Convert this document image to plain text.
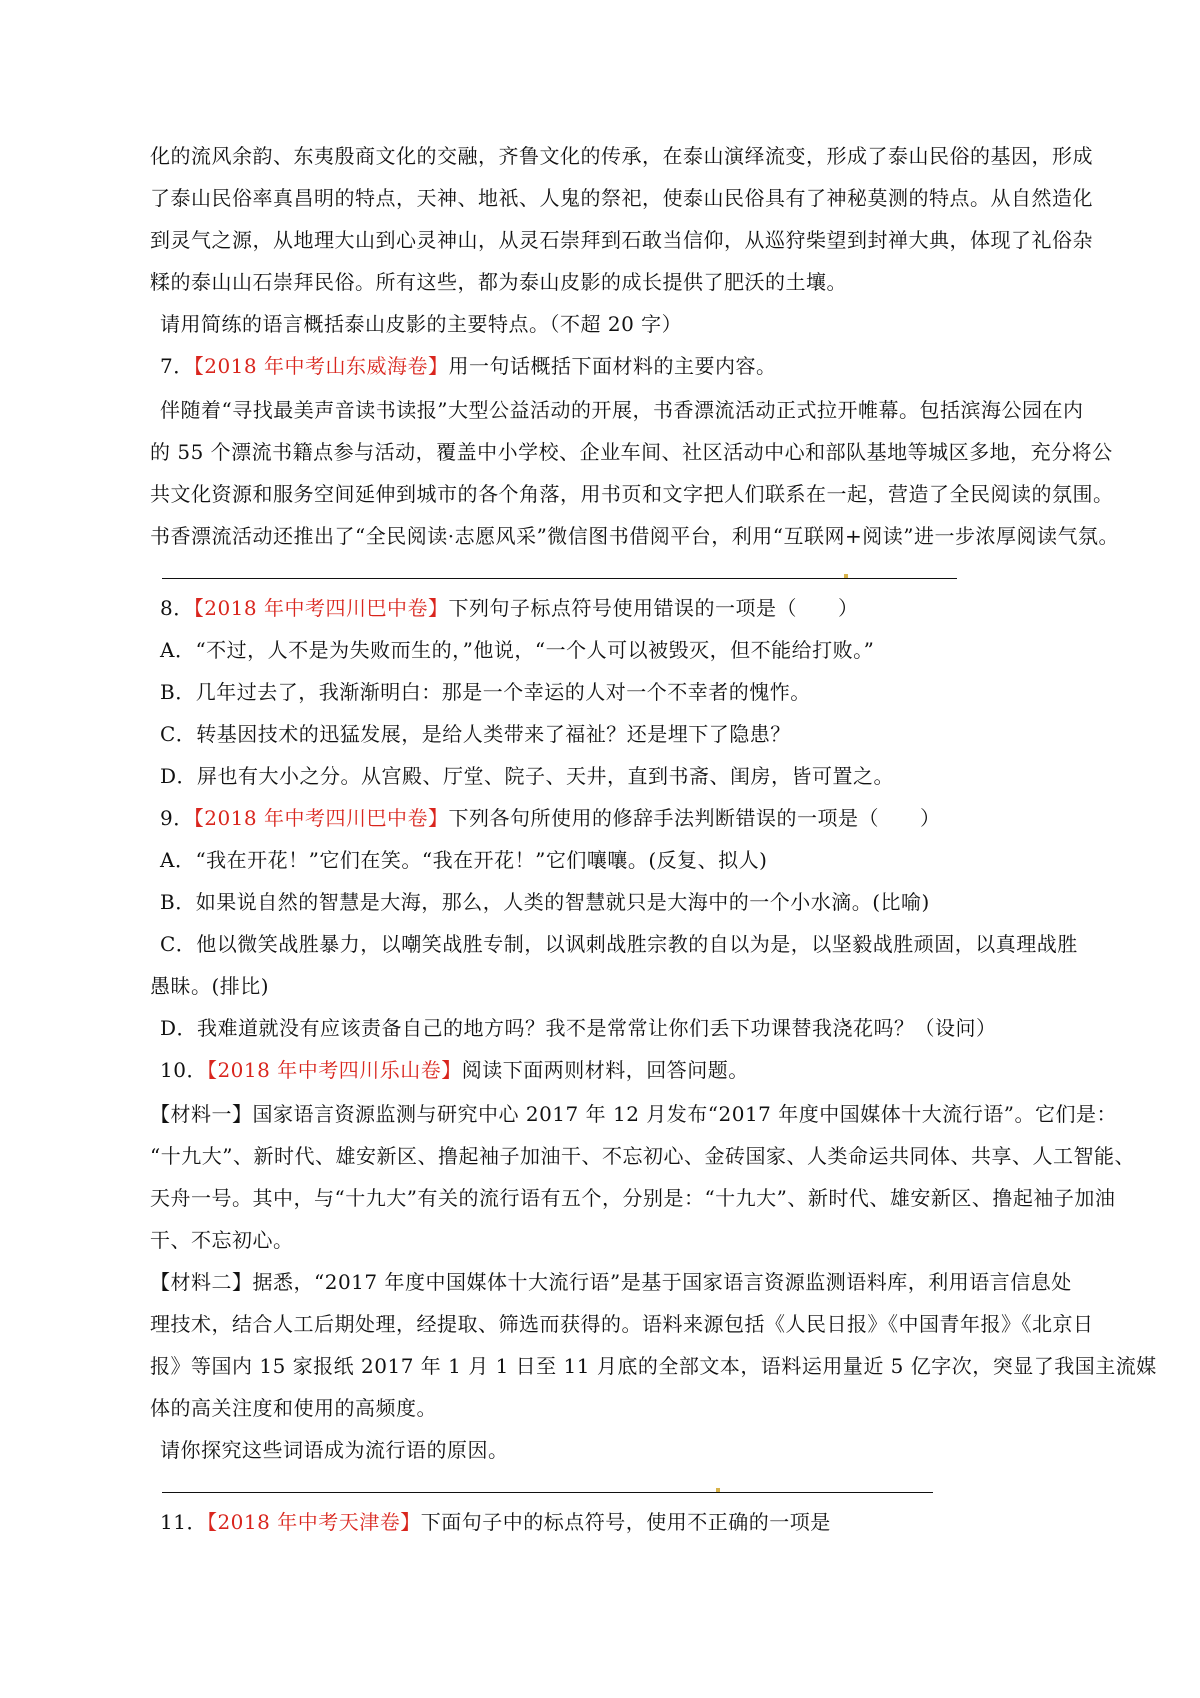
化的流风余韵、东夷殷商文化的交融，齐鲁文化的传承，在泰山演绎流变，形成了泰山民俗的基因，形成
了泰山民俗率真昌明的特点，天神、地祇、人鬼的祭祀，使泰山民俗具有了神秘莫测的特点。从自然造化
到灵气之源，从地理大山到心灵神山，从灵石崇拜到石敢当信仰，从巡狩柴望到封禅大典，体现了礼俗杂
糅的泰山山石崇拜民俗。所有这些，都为泰山皮影的成长提供了肥沃的土壤。
请用简练的语言概括泰山皮影的主要特点。（不超 20 字）
7．【2018 年中考山东威海卷】用一句话概括下面材料的主要内容。
伴随着“寻找最美声音读书读报”大型公益活动的开展，书香漂流活动正式拉开帷幕。包括滨海公园在内
的 55 个漂流书籍点参与活动，覆盖中小学校、企业车间、社区活动中心和部队基地等城区多地，充分将公
共文化资源和服务空间延伸到城市的各个角落，用书页和文字把人们联系在一起，营造了全民阅读的氛围。
书香漂流活动还推出了“全民阅读·志愿风采”微信图书借阅平台，利用“互联网+阅读”进一步浓厚阅读气氛。
8．【2018 年中考四川巴中卷】下列句子标点符号使用错误的一项是（　　）
A．“不过，人不是为失败而生的，”他说，“一个人可以被毁灭，但不能给打败。”
B．几年过去了，我渐渐明白：那是一个幸运的人对一个不幸者的愧怍。
C．转基因技术的迅猛发展，是给人类带来了福祉？还是埋下了隐患？
D．屏也有大小之分。从宫殿、厅堂、院子、天井，直到书斋、闺房，皆可置之。
9．【2018 年中考四川巴中卷】下列各句所使用的修辞手法判断错误的一项是（　　）
A．“我在开花！”它们在笑。“我在开花！”它们嚷嚷。(反复、拟人)
B．如果说自然的智慧是大海，那么，人类的智慧就只是大海中的一个小水滴。(比喻)
C．他以微笑战胜暴力，以嘲笑战胜专制，以讽刺战胜宗教的自以为是，以坚毅战胜顽固，以真理战胜
愚昧。(排比)
D．我难道就没有应该责备自己的地方吗？我不是常常让你们丢下功课替我浇花吗？（设问）
10．【2018 年中考四川乐山卷】阅读下面两则材料，回答问题。
【材料一】国家语言资源监测与研究中心 2017 年 12 月发布“2017 年度中国媒体十大流行语”。它们是：
“十九大”、新时代、雄安新区、撸起袖子加油干、不忘初心、金砖国家、人类命运共同体、共享、人工智能、
天舟一号。其中，与“十九大”有关的流行语有五个，分别是：“十九大”、新时代、雄安新区、撸起袖子加油
干、不忘初心。
【材料二】据悉，“2017 年度中国媒体十大流行语”是基于国家语言资源监测语料库，利用语言信息处
理技术，结合人工后期处理，经提取、筛选而获得的。语料来源包括《人民日报》《中国青年报》《北京日
报》等国内 15 家报纸 2017 年 1 月 1 日至 11 月底的全部文本，语料运用量近 5 亿字次，突显了我国主流媒
体的高关注度和使用的高频度。
请你探究这些词语成为流行语的原因。
11．【2018 年中考天津卷】下面句子中的标点符号，使用不正确的一项是
